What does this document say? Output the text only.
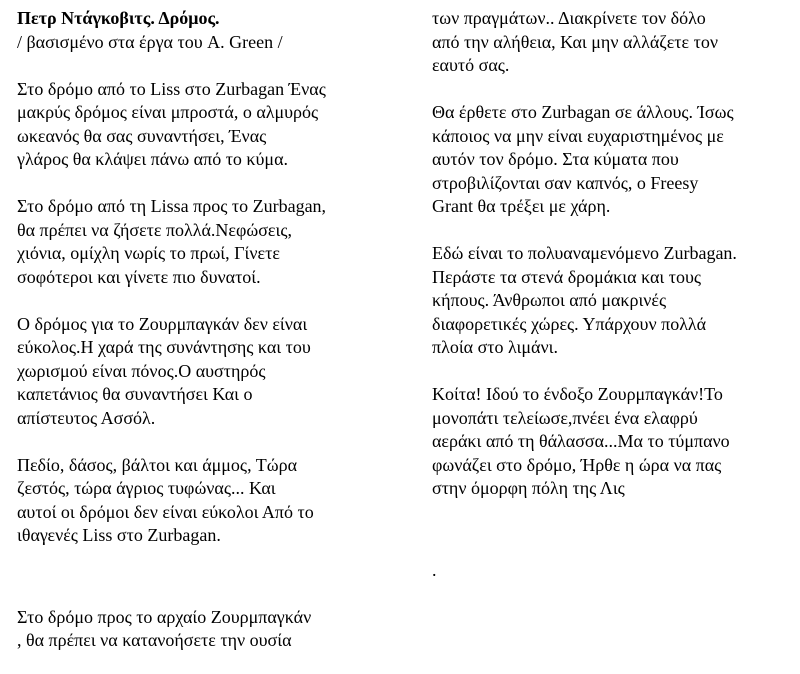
Πετρ Ντάγκοβιτς. Δρόμος.
/ βασισμένο στα έργα του A. Green /
Στο δρόμο από το Liss στο Zurbagan Ένας
μακρύς δρόμος είναι μπροστά, ο αλμυρός
ωκεανός θα σας συναντήσει, Ένας
γλάρος θα κλάψει πάνω από το κύμα.
Στο δρόμο από τη Lissa προς το Zurbagan,
θα πρέπει να ζήσετε πολλά.Νεφώσεις,
χιόνια, ομίχλη νωρίς το πρωί, Γίνετε
σοφότεροι και γίνετε πιο δυνατοί.
Ο δρόμος για το Ζουρμπαγκάν δεν είναι
εύκολος.Η χαρά της συνάντησης και του
χωρισμού είναι πόνος.Ο αυστηρός
καπετάνιος θα συναντήσει Και ο
απίστευτος Ασσόλ.
Πεδίο, δάσος, βάλτοι και άμμος, Τώρα
ζεστός, τώρα άγριος τυφώνας... Και
αυτοί οι δρόμοι δεν είναι εύκολοι Από το
ιθαγενές Liss στο Zurbagan.
Στο δρόμο προς το αρχαίο Ζουρμπαγκάν
, θα πρέπει να κατανοήσετε την ουσία
των πραγμάτων.. Διακρίνετε τον δόλο
από την αλήθεια, Και μην αλλάζετε τον
εαυτό σας.
Θα έρθετε στο Zurbagan σε άλλους. Ίσως
κάποιος να μην είναι ευχαριστημένος με
αυτόν τον δρόμο. Στα κύματα που
στροβιλίζονται σαν καπνός, ο Freesy
Grant θα τρέξει με χάρη.
Εδώ είναι το πολυαναμενόμενο Zurbagan.
Περάστε τα στενά δρομάκια και τους
κήπους. Άνθρωποι από μακρινές
διαφορετικές χώρες. Υπάρχουν πολλά
πλοία στο λιμάνι.
Κοίτα! Ιδού το ένδοξο Ζουρμπαγκάν!Το
μονοπάτι τελείωσε,πνέει ένα ελαφρύ
αεράκι από τη θάλασσα...Μα το τύμπανο
φωνάζει στο δρόμο, Ήρθε η ώρα να πας
στην όμορφη πόλη της Λις
.
